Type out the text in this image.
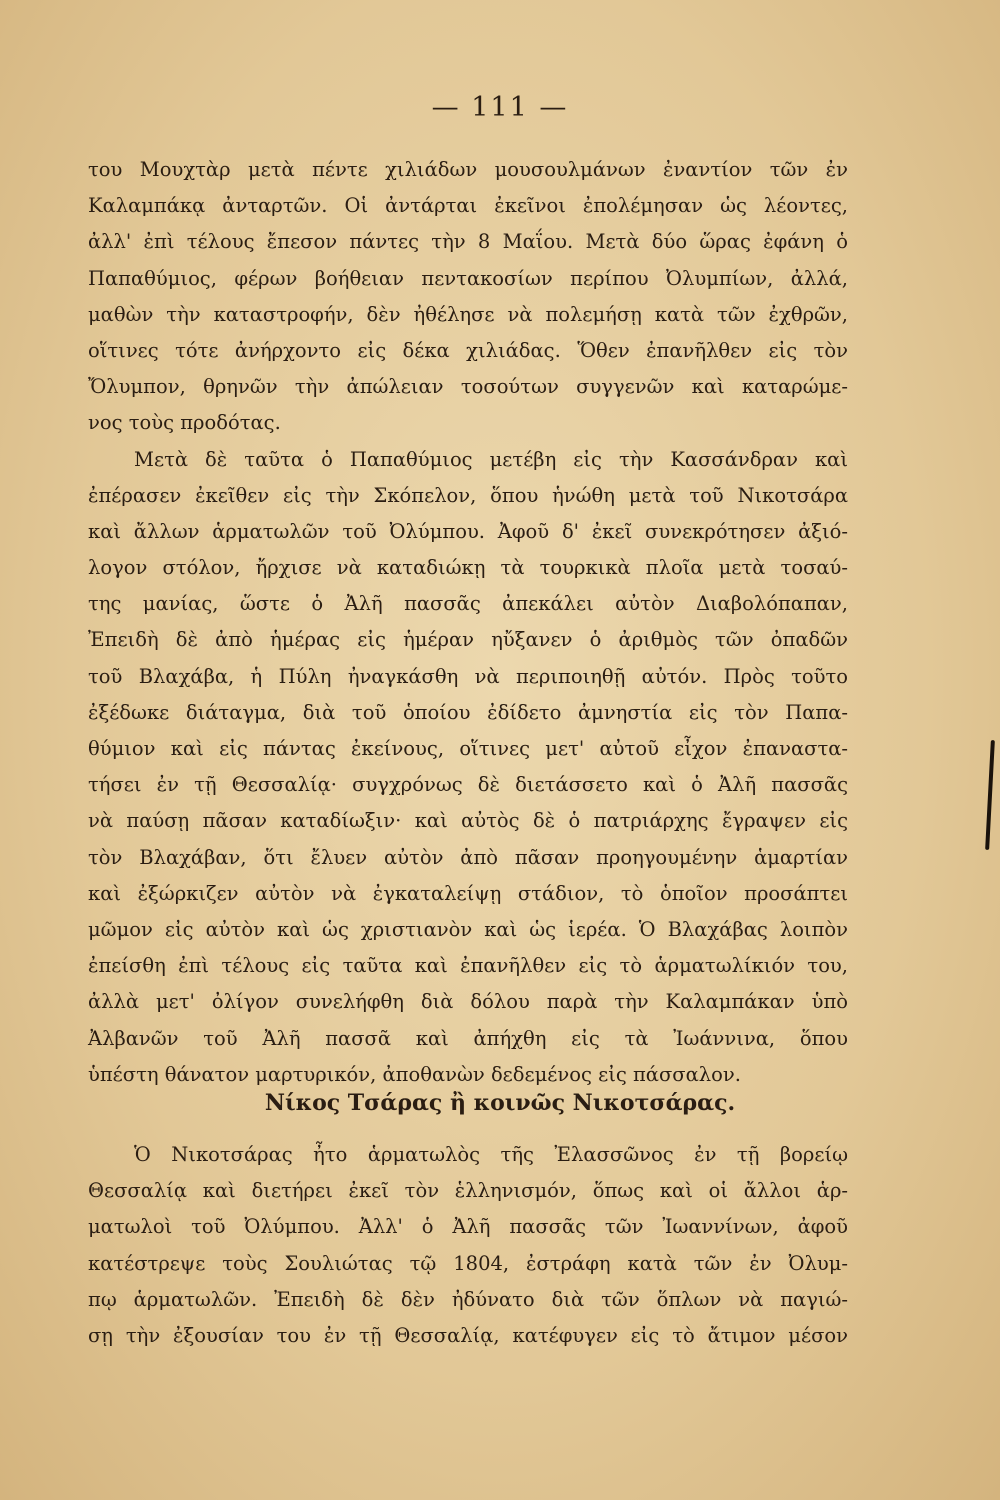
— 111 —
του Μουχτὰρ μετὰ πέντε χιλιάδων μουσουλμάνων ἐναντίον τῶν ἐν
Καλαμπάκᾳ ἀνταρτῶν. Οἱ ἀντάρται ἐκεῖνοι ἐπολέμησαν ὡς λέοντες,
ἀλλ' ἐπὶ τέλους ἔπεσον πάντες τὴν 8 Μαΐου. Μετὰ δύο ὥρας ἐφάνη ὁ
Παπαθύμιος, φέρων βοήθειαν πεντακοσίων περίπου Ὀλυμπίων, ἀλλά,
μαθὼν τὴν καταστροφήν, δὲν ἠθέλησε νὰ πολεμήσῃ κατὰ τῶν ἐχθρῶν,
οἵτινες τότε ἀνήρχοντο εἰς δέκα χιλιάδας. Ὅθεν ἐπανῆλθεν εἰς τὸν
Ὄλυμπον, θρηνῶν τὴν ἀπώλειαν τοσούτων συγγενῶν καὶ καταρώμε-
νος τοὺς προδότας.
Μετὰ δὲ ταῦτα ὁ Παπαθύμιος μετέβη εἰς τὴν Κασσάνδραν καὶ
ἐπέρασεν ἐκεῖθεν εἰς τὴν Σκόπελον, ὅπου ἡνώθη μετὰ τοῦ Νικοτσάρα
καὶ ἄλλων ἁρματωλῶν τοῦ Ὀλύμπου. Ἀφοῦ δ' ἐκεῖ συνεκρότησεν ἀξιό-
λογον στόλον, ἤρχισε νὰ καταδιώκῃ τὰ τουρκικὰ πλοῖα μετὰ τοσαύ-
της μανίας, ὥστε ὁ Ἀλῆ πασσᾶς ἀπεκάλει αὐτὸν Διαβολόπαπαν,
Ἐπειδὴ δὲ ἀπὸ ἡμέρας εἰς ἡμέραν ηὔξανεν ὁ ἀριθμὸς τῶν ὀπαδῶν
τοῦ Βλαχάβα, ἡ Πύλη ἠναγκάσθη νὰ περιποιηθῇ αὐτόν. Πρὸς τοῦτο
ἐξέδωκε διάταγμα, διὰ τοῦ ὁποίου ἐδίδετο ἀμνηστία εἰς τὸν Παπα-
θύμιον καὶ εἰς πάντας ἐκείνους, οἵτινες μετ' αὐτοῦ εἶχον ἐπαναστα-
τήσει ἐν τῇ Θεσσαλίᾳ· συγχρόνως δὲ διετάσσετο καὶ ὁ Ἀλῆ πασσᾶς
νὰ παύσῃ πᾶσαν καταδίωξιν· καὶ αὐτὸς δὲ ὁ πατριάρχης ἔγραψεν εἰς
τὸν Βλαχάβαν, ὅτι ἔλυεν αὐτὸν ἀπὸ πᾶσαν προηγουμένην ἁμαρτίαν
καὶ ἐξώρκιζεν αὐτὸν νὰ ἐγκαταλείψῃ στάδιον, τὸ ὁποῖον προσάπτει
μῶμον εἰς αὐτὸν καὶ ὡς χριστιανὸν καὶ ὡς ἱερέα. Ὁ Βλαχάβας λοιπὸν
ἐπείσθη ἐπὶ τέλους εἰς ταῦτα καὶ ἐπανῆλθεν εἰς τὸ ἁρματωλίκιόν του,
ἀλλὰ μετ' ὀλίγον συνελήφθη διὰ δόλου παρὰ τὴν Καλαμπάκαν ὑπὸ
Ἀλβανῶν τοῦ Ἀλῆ πασσᾶ καὶ ἀπήχθη εἰς τὰ Ἰωάννινα, ὅπου
ὑπέστη θάνατον μαρτυρικόν, ἀποθανὼν δεδεμένος εἰς πάσσαλον.
Νίκος Τσάρας ἢ κοινῶς Νικοτσάρας.
Ὁ Νικοτσάρας ἦτο ἁρματωλὸς τῆς Ἐλασσῶνος ἐν τῇ βορείῳ
Θεσσαλίᾳ καὶ διετήρει ἐκεῖ τὸν ἑλληνισμόν, ὅπως καὶ οἱ ἄλλοι ἁρ-
ματωλοὶ τοῦ Ὀλύμπου. Ἀλλ' ὁ Ἀλῆ πασσᾶς τῶν Ἰωαννίνων, ἀφοῦ
κατέστρεψε τοὺς Σουλιώτας τῷ 1804, ἐστράφη κατὰ τῶν ἐν Ὀλυμ-
πῳ ἁρματωλῶν. Ἐπειδὴ δὲ δὲν ἠδύνατο διὰ τῶν ὅπλων νὰ παγιώ-
σῃ τὴν ἐξουσίαν του ἐν τῇ Θεσσαλίᾳ, κατέφυγεν εἰς τὸ ἄτιμον μέσον
